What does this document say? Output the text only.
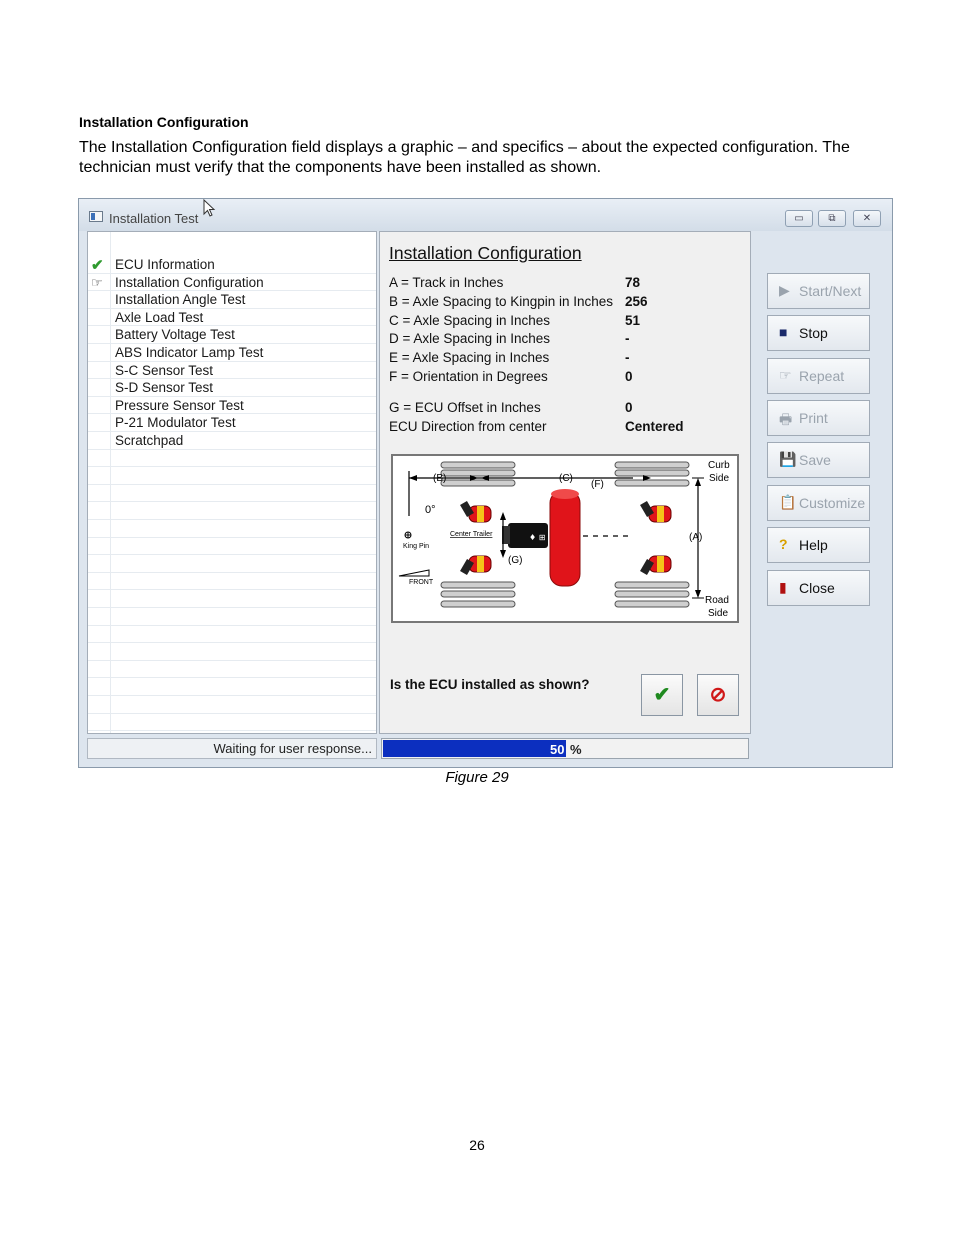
Installation Configuration
The Installation Configuration field displays a graphic – and specifics – about the expected configuration. The technician must verify that the components have been installed as shown.
Installation Test	▭	⧉	✕
✔ ECU Information
☞ Installation Configuration
Installation Angle Test
Axle Load Test
Battery Voltage Test
ABS Indicator Lamp Test
S-C Sensor Test
S-D Sensor Test
Pressure Sensor Test
P-21 Modulator Test
Scratchpad
Installation Configuration
A = Track in Inches	78
B = Axle Spacing to Kingpin in Inches 256
C = Axle Spacing in Inches	51
D = Axle Spacing in Inches	-
E = Axle Spacing in Inches	-
F = Orientation in Degrees	0
G = ECU Offset in Inches	0
ECU Direction from center	Centered
♦ ⊞
(B)	(C)
(F)
(A)
(G)
0°
King Pin
Center Trailer
FRONT
Curb
Side
Road
Side
Is the ECU installed as shown?	✔	⊘
▶ Start/Next
■ Stop
☞ Repeat
🖶 Print
💾 Save
📋 Customize
? Help
▮ Close
Waiting for user response...	50 %
Figure 29
26
